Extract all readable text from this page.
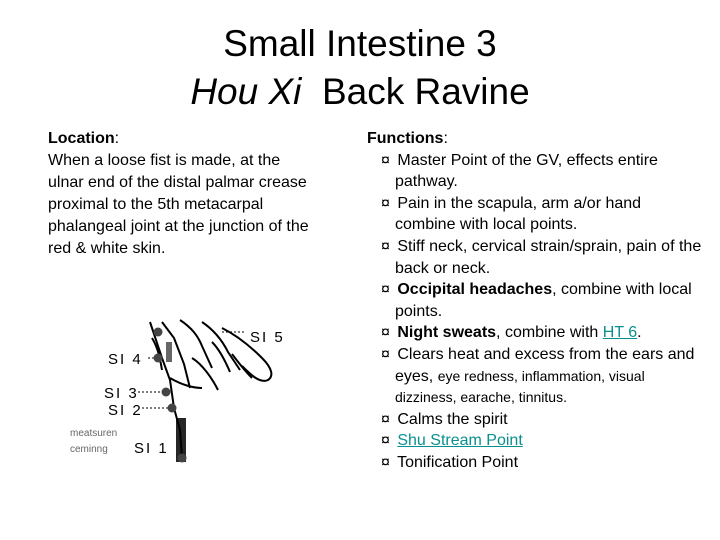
Small Intestine 3
Hou Xi Back Ravine
Location:
When a loose fist is made, at the ulnar end of the distal palmar crease proximal to the 5th metacarpal phalangeal joint at the junction of the red & white skin.
SI 5
SI 4
SI 3
SI 2
SI 1
meatsuren
ceminng
Functions:
¤ Master Point of the GV, effects entire pathway.
¤ Pain in the scapula, arm a/or hand combine with local points.
¤ Stiff neck, cervical strain/sprain, pain of the back or neck.
¤ Occipital headaches, combine with local points.
¤ Night sweats, combine with HT 6.
¤ Clears heat and excess from the ears and eyes, eye redness, inflammation, visual dizziness, earache, tinnitus.
¤ Calms the spirit
¤ Shu Stream Point
¤ Tonification Point
